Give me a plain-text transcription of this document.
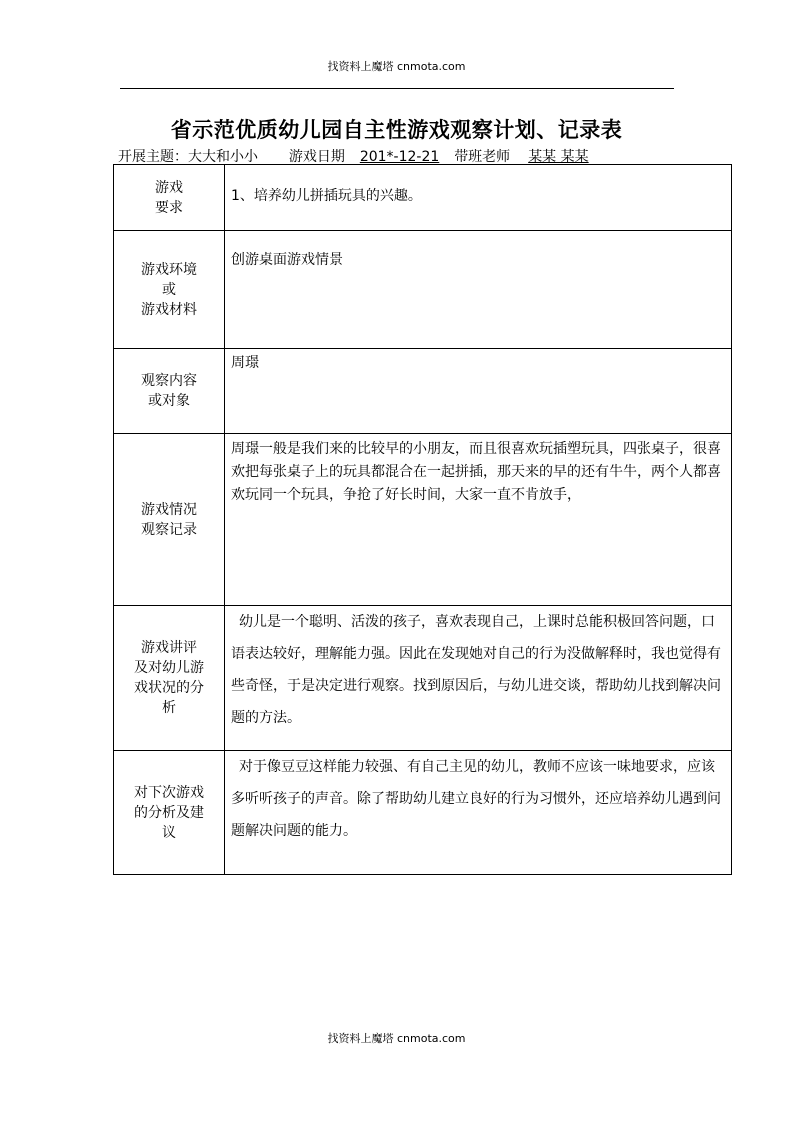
找资料上魔塔 cnmota.com
省示范优质幼儿园自主性游戏观察计划、记录表
开展主题：大大和小小 游戏日期 201*-12-21 带班老师 某某 某某
游戏
要求	1、培养幼儿拼插玩具的兴趣。

游戏环境
或
游戏材料	创游桌面游戏情景

观察内容
或对象	周璟

游戏情况
观察记录	周璟一般是我们来的比较早的小朋友，而且很喜欢玩插塑玩具，四张桌子，很喜欢把每张桌子上的玩具都混合在一起拼插，那天来的早的还有牛牛，两个人都喜欢玩同一个玩具，争抢了好长时间，大家一直不肯放手，

游戏讲评
及对幼儿游
戏状况的分
析	幼儿是一个聪明、活泼的孩子，喜欢表现自己，上课时总能积极回答问题，口语表达较好，理解能力强。因此在发现她对自己的行为没做解释时，我也觉得有些奇怪，于是决定进行观察。找到原因后，与幼儿进交谈，帮助幼儿找到解决问题的方法。

对下次游戏
的分析及建
议	对于像豆豆这样能力较强、有自己主见的幼儿，教师不应该一味地要求，应该多听听孩子的声音。除了帮助幼儿建立良好的行为习惯外，还应培养幼儿遇到问题解决问题的能力。
找资料上魔塔 cnmota.com
